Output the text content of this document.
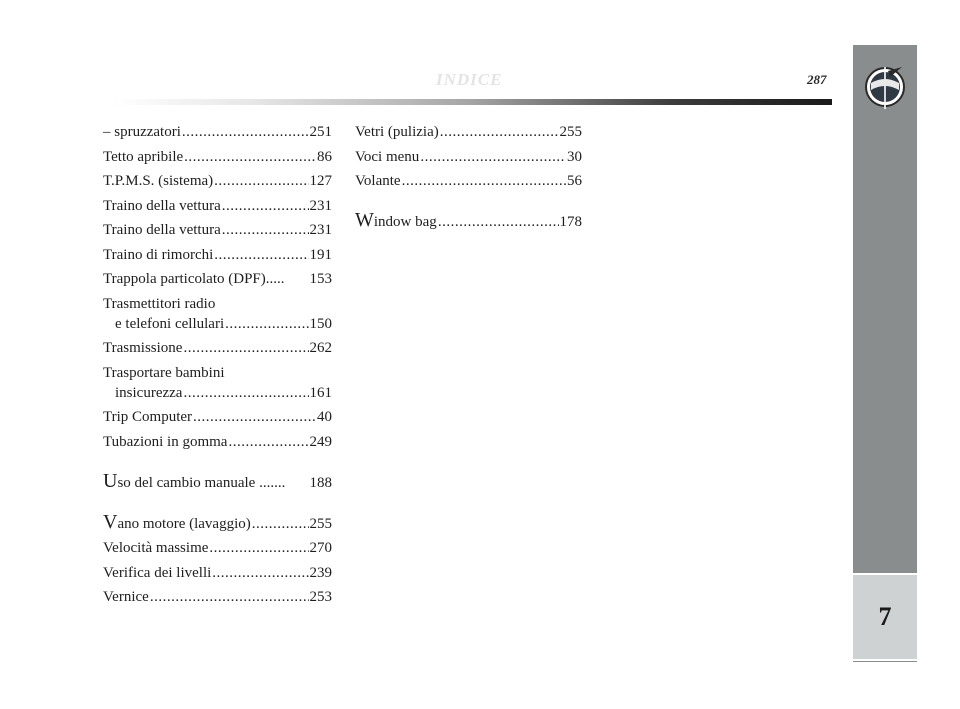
INDICE	287
7
– spruzzatori .....	251
Tetto apribile .....	86
T.P.M.S. (sistema) .....	127
Traino della vettura .....	231
Traino della vettura .....	231
Traino di rimorchi .....	191
Trappola particolato (DPF)..... 153
Trasmettitori radio
e telefoni cellulari .....	150
Trasmissione .....	262
Trasportare bambini
insicurezza .....	161
Trip Computer .....	40
Tubazioni in gomma .....	249
U so del cambio manuale ....... 188
V ano motore (lavaggio) .....	255
Velocità massime .....	270
Verifica dei livelli .....	239
Vernice .....	253
Vetri (pulizia) .....	255
Voci menu .....	30
Volante .....	56
W indow bag .....	178
